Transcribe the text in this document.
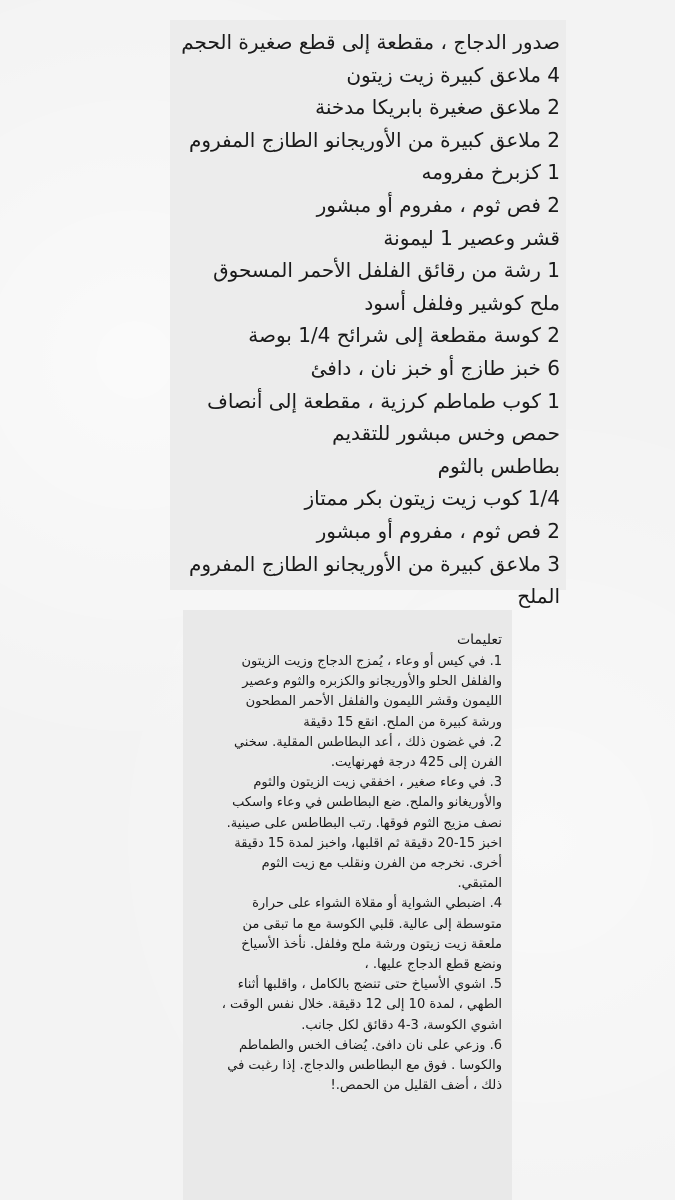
صدور الدجاج ، مقطعة إلى قطع صغيرة الحجم
4 ملاعق كبيرة زيت زيتون
2 ملاعق صغيرة بابريكا مدخنة
2 ملاعق كبيرة من الأوريجانو الطازج المفروم
1 كزبرخ مفرومه
2 فص ثوم ، مفروم أو مبشور
قشر وعصير 1 ليمونة
1 رشة من رقائق الفلفل الأحمر المسحوق
ملح كوشير وفلفل أسود
2 كوسة مقطعة إلى شرائح 1/4 بوصة
6 خبز طازج أو خبز نان ، دافئ
1 كوب طماطم كرزية ، مقطعة إلى أنصاف
حمص وخس مبشور للتقديم
بطاطس بالثوم
1/4 كوب زيت زيتون بكر ممتاز
2 فص ثوم ، مفروم أو مبشور
3 ملاعق كبيرة من الأوريجانو الطازج المفروم
الملح
تعليمات
1. في كيس أو وعاء ، يُمزج الدجاج وزيت الزيتون
والفلفل الحلو والأوريجانو والكزبره والثوم وعصير
الليمون وقشر الليمون والفلفل الأحمر المطحون
ورشة كبيرة من الملح. انقع 15 دقيقة
2. في غضون ذلك ، أعد البطاطس المقلية. سخني
الفرن إلى 425 درجة فهرنهايت.
3. في وعاء صغير ، اخفقي زيت الزيتون والثوم
والأوريغانو والملح. ضع البطاطس في وعاء واسكب
نصف مزيج الثوم فوقها. رتب البطاطس على صينية.
اخبز 15-20 دقيقة ثم اقلبها، واخبز لمدة 15 دقيقة
أخرى. نخرجه من الفرن ونقلب مع زيت الثوم
المتبقي.
4. اضبطي الشواية أو مقلاة الشواء على حرارة
متوسطة إلى عالية. قلبي الكوسة مع ما تبقى من
ملعقة زيت زيتون ورشة ملح وفلفل. نأخذ الأسياخ
ونضع قطع الدجاج عليها. ،
5. اشوي الأسياخ حتى تنضج بالكامل ، واقلبها أثناء
الطهي ، لمدة 10 إلى 12 دقيقة. خلال نفس الوقت ،
اشوي الكوسة، 3-4 دقائق لكل جانب.
6. وزعي على نان دافئ. يُضاف الخس والطماطم
والكوسا . فوق مع البطاطس والدجاج. إذا رغبت في
ذلك ، أضف القليل من الحمص.!
